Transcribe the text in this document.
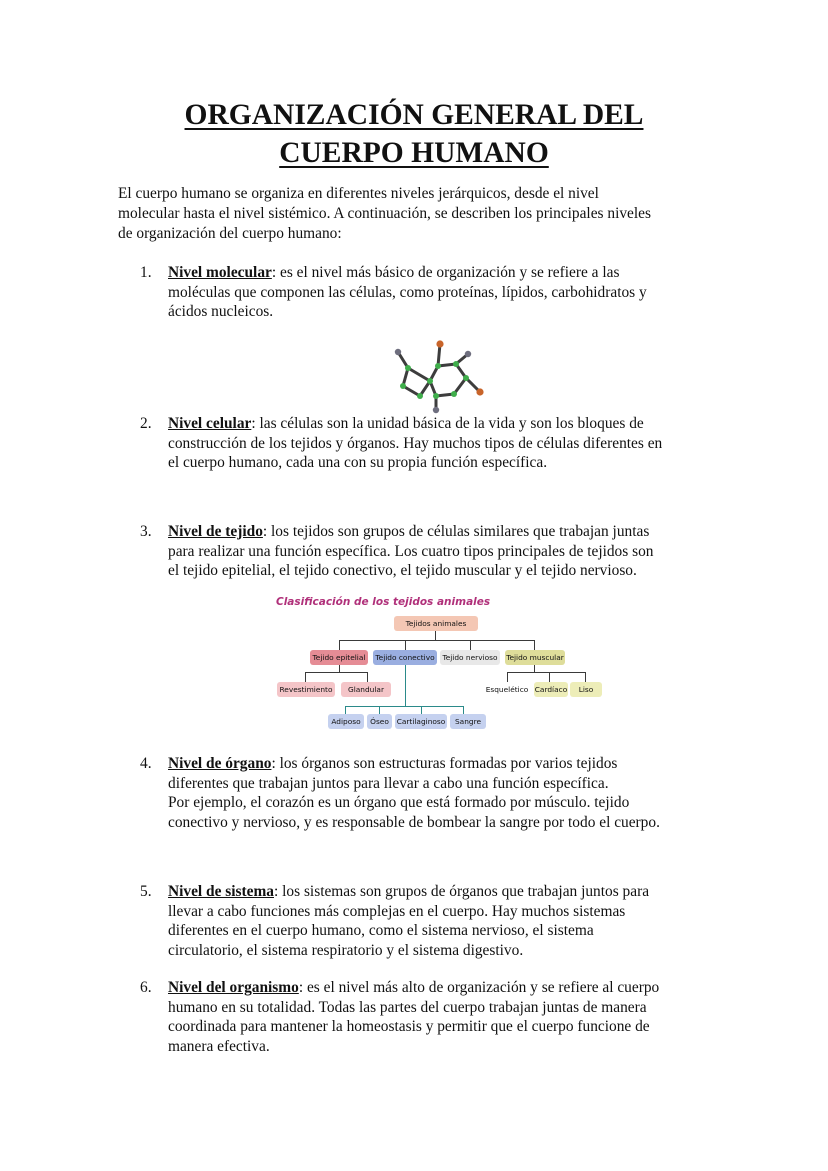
ORGANIZACIÓN GENERAL DEL
CUERPO HUMANO

El cuerpo humano se organiza en diferentes niveles jerárquicos, desde el nivel
molecular hasta el nivel sistémico. A continuación, se describen los principales niveles
de organización del cuerpo humano:

1.	Nivel molecular: es el nivel más básico de organización y se refiere a las
moléculas que componen las células, como proteínas, lípidos, carbohidratos y
ácidos nucleicos.
2.	Nivel celular: las células son la unidad básica de la vida y son los bloques de
construcción de los tejidos y órganos. Hay muchos tipos de células diferentes en
el cuerpo humano, cada una con su propia función específica.
3.	Nivel de tejido: los tejidos son grupos de células similares que trabajan juntas
para realizar una función específica. Los cuatro tipos principales de tejidos son
el tejido epitelial, el tejido conectivo, el tejido muscular y el tejido nervioso.
Clasificación de los tejidos animales
Tejidos animales
Tejido epitelial	Tejido conectivo	Tejido nervioso	Tejido muscular
Revestimiento	Glandular	Esquelético Cardíaco	Liso
Adiposo	Óseo	Cartilaginoso	Sangre
4.	Nivel de órgano: los órganos son estructuras formadas por varios tejidos
diferentes que trabajan juntos para llevar a cabo una función específica.
Por ejemplo, el corazón es un órgano que está formado por músculo. tejido
conectivo y nervioso, y es responsable de bombear la sangre por todo el cuerpo.
5.	Nivel de sistema: los sistemas son grupos de órganos que trabajan juntos para
llevar a cabo funciones más complejas en el cuerpo. Hay muchos sistemas
diferentes en el cuerpo humano, como el sistema nervioso, el sistema
circulatorio, el sistema respiratorio y el sistema digestivo.
6.	Nivel del organismo: es el nivel más alto de organización y se refiere al cuerpo
humano en su totalidad. Todas las partes del cuerpo trabajan juntas de manera
coordinada para mantener la homeostasis y permitir que el cuerpo funcione de
manera efectiva.
